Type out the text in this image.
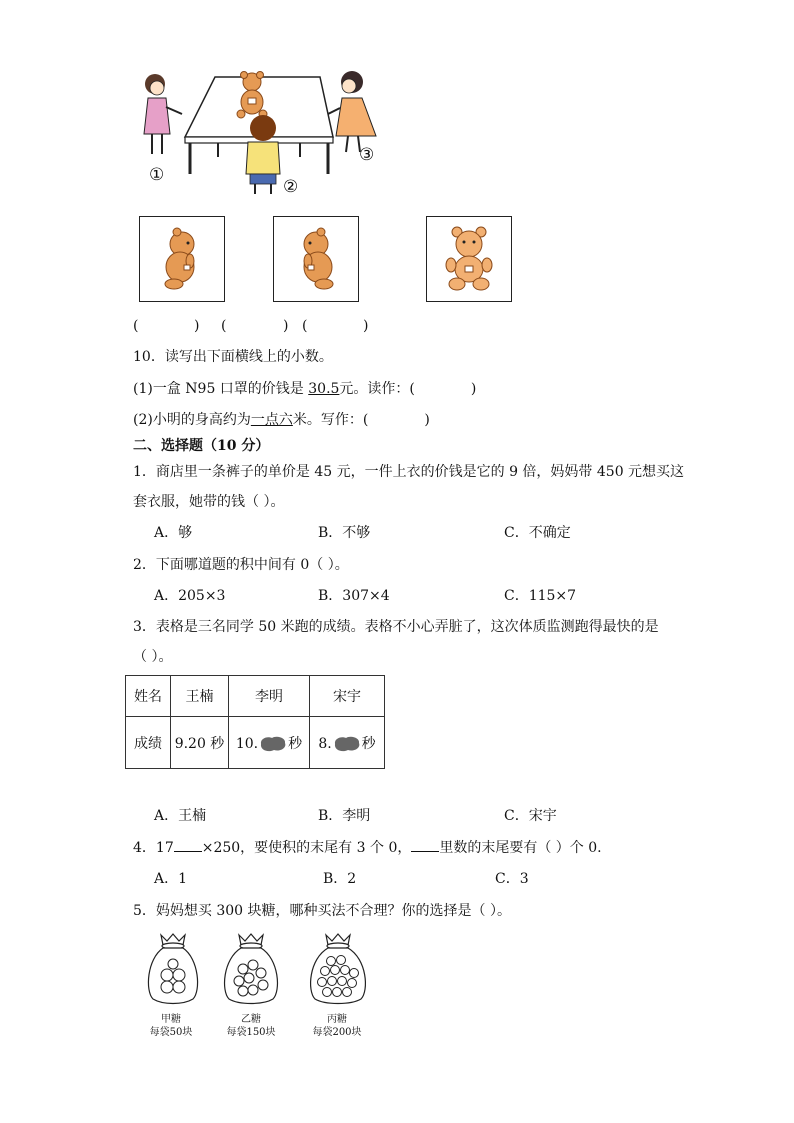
①
②
③
(	) (	) (	)
10．读写出下面横线上的小数。
(1)一盒 N95 口罩的价钱是 30.5元。读作：(	)
(2)小明的身高约为一点六米。写作：(	)
二、选择题（10 分）
1．商店里一条裤子的单价是 45 元，一件上衣的价钱是它的 9 倍，妈妈带 450 元想买这
套衣服，她带的钱（ ）。
A．够	B．不够	C．不确定
2．下面哪道题的积中间有 0（ ）。
A．205×3	B．307×4	C．115×7
3．表格是三名同学 50 米跑的成绩。表格不小心弄脏了，这次体质监测跑得最快的是
（ ）。
姓名	王楠	李明	宋宇
成绩	9.20 秒	10. 秒	8. 秒
A．王楠	B．李明	C．宋宇
4．17 ×250，要使积的末尾有 3 个 0， 里数的末尾要有（ ）个 0.
A．1	B．2	C．3
5．妈妈想买 300 块糖，哪种买法不合理？你的选择是（ ）。
甲糖
每袋50块
乙糖
每袋150块
丙糖
每袋200块
